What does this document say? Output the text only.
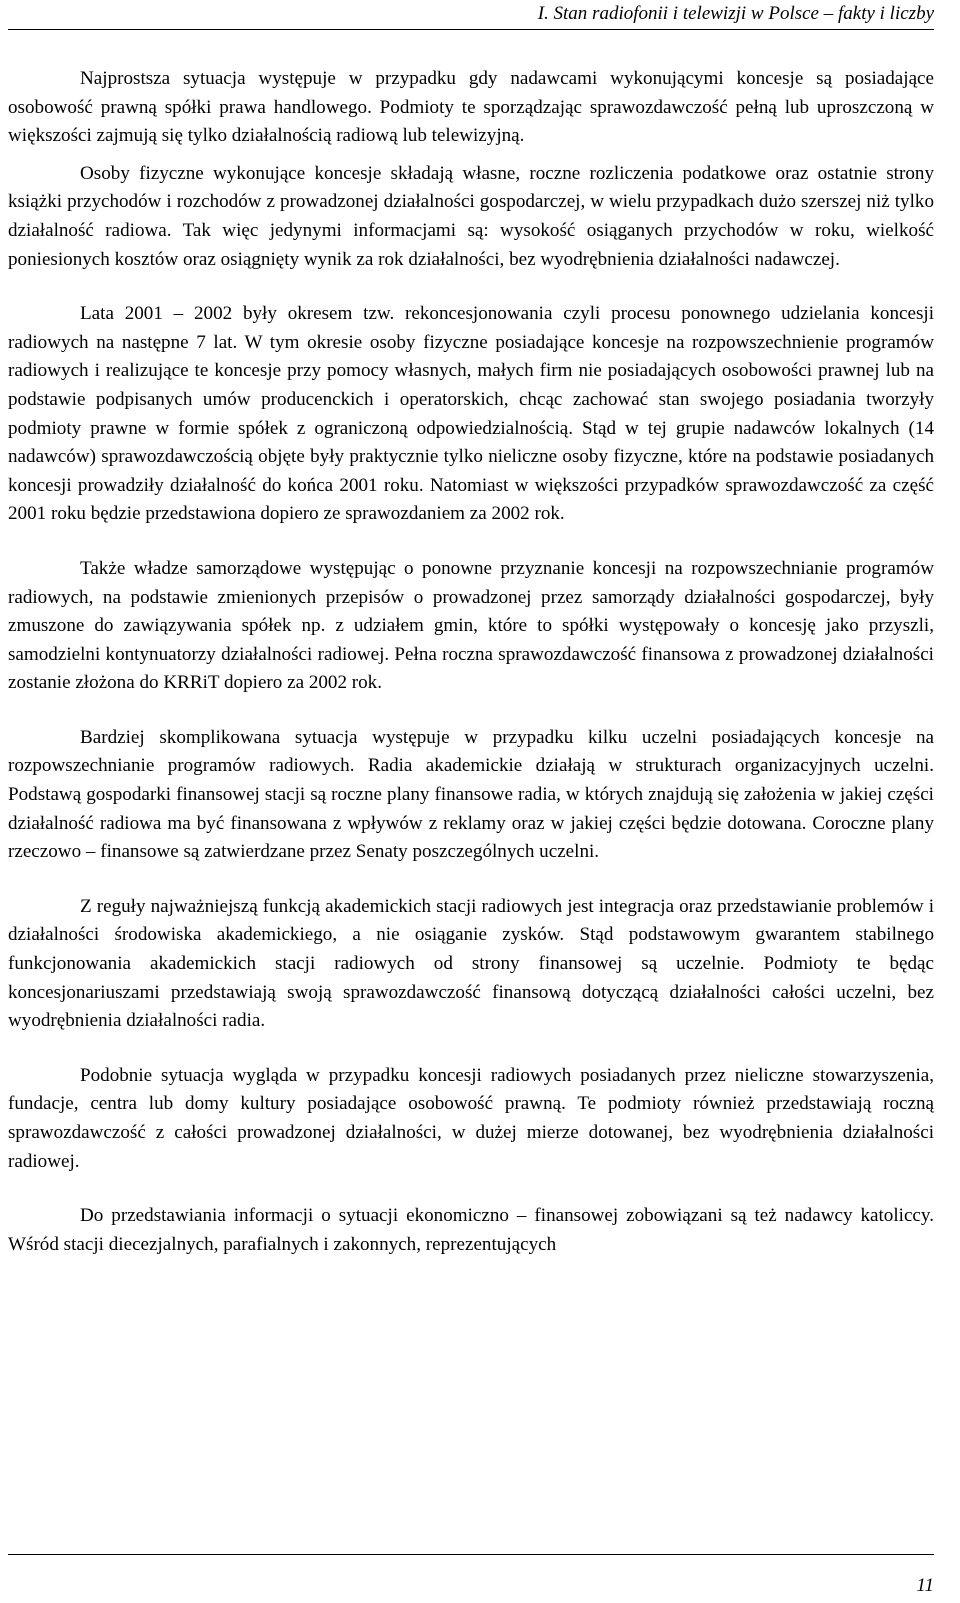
I. Stan radiofonii i telewizji w Polsce – fakty i liczby

Najprostsza sytuacja występuje w przypadku gdy nadawcami wykonującymi koncesje są posiadające osobowość prawną spółki prawa handlowego. Podmioty te sporządzając sprawozdawczość pełną lub uproszczoną w większości zajmują się tylko działalnością radiową lub telewizyjną.

Osoby fizyczne wykonujące koncesje składają własne, roczne rozliczenia podatkowe oraz ostatnie strony książki przychodów i rozchodów z prowadzonej działalności gospodarczej, w wielu przypadkach dużo szerszej niż tylko działalność radiowa. Tak więc jedynymi informacjami są: wysokość osiąganych przychodów w roku, wielkość poniesionych kosztów oraz osiągnięty wynik za rok działalności, bez wyodrębnienia działalności nadawczej.

Lata 2001 – 2002 były okresem tzw. rekoncesjonowania czyli procesu ponownego udzielania koncesji radiowych na następne 7 lat. W tym okresie osoby fizyczne posiadające koncesje na rozpowszechnienie programów radiowych i realizujące te koncesje przy pomocy własnych, małych firm nie posiadających osobowości prawnej lub na podstawie podpisanych umów producenckich i operatorskich, chcąc zachować stan swojego posiadania tworzyły podmioty prawne w formie spółek z ograniczoną odpowiedzialnością. Stąd w tej grupie nadawców lokalnych (14 nadawców) sprawozdawczością objęte były praktycznie tylko nieliczne osoby fizyczne, które na podstawie posiadanych koncesji prowadziły działalność do końca 2001 roku. Natomiast w większości przypadków sprawozdawczość za część 2001 roku będzie przedstawiona dopiero ze sprawozdaniem za 2002 rok.

Także władze samorządowe występując o ponowne przyznanie koncesji na rozpowszechnianie programów radiowych, na podstawie zmienionych przepisów o prowadzonej przez samorządy działalności gospodarczej, były zmuszone do zawiązywania spółek np. z udziałem gmin, które to spółki występowały o koncesję jako przyszli, samodzielni kontynuatorzy działalności radiowej. Pełna roczna sprawozdawczość finansowa z prowadzonej działalności zostanie złożona do KRRiT dopiero za 2002 rok.

Bardziej skomplikowana sytuacja występuje w przypadku kilku uczelni posiadających koncesje na rozpowszechnianie programów radiowych. Radia akademickie działają w strukturach organizacyjnych uczelni. Podstawą gospodarki finansowej stacji są roczne plany finansowe radia, w których znajdują się założenia w jakiej części działalność radiowa ma być finansowana z wpływów z reklamy oraz w jakiej części będzie dotowana. Coroczne plany rzeczowo – finansowe są zatwierdzane przez Senaty poszczególnych uczelni.

Z reguły najważniejszą funkcją akademickich stacji radiowych jest integracja oraz przedstawianie problemów i działalności środowiska akademickiego, a nie osiąganie zysków. Stąd podstawowym gwarantem stabilnego funkcjonowania akademickich stacji radiowych od strony finansowej są uczelnie. Podmioty te będąc koncesjonariuszami przedstawiają swoją sprawozdawczość finansową dotyczącą działalności całości uczelni, bez wyodrębnienia działalności radia.

Podobnie sytuacja wygląda w przypadku koncesji radiowych posiadanych przez nieliczne stowarzyszenia, fundacje, centra lub domy kultury posiadające osobowość prawną. Te podmioty również przedstawiają roczną sprawozdawczość z całości prowadzonej działalności, w dużej mierze dotowanej, bez wyodrębnienia działalności radiowej.

Do przedstawiania informacji o sytuacji ekonomiczno – finansowej zobowiązani są też nadawcy katoliccy. Wśród stacji diecezjalnych, parafialnych i zakonnych, reprezentujących

11
